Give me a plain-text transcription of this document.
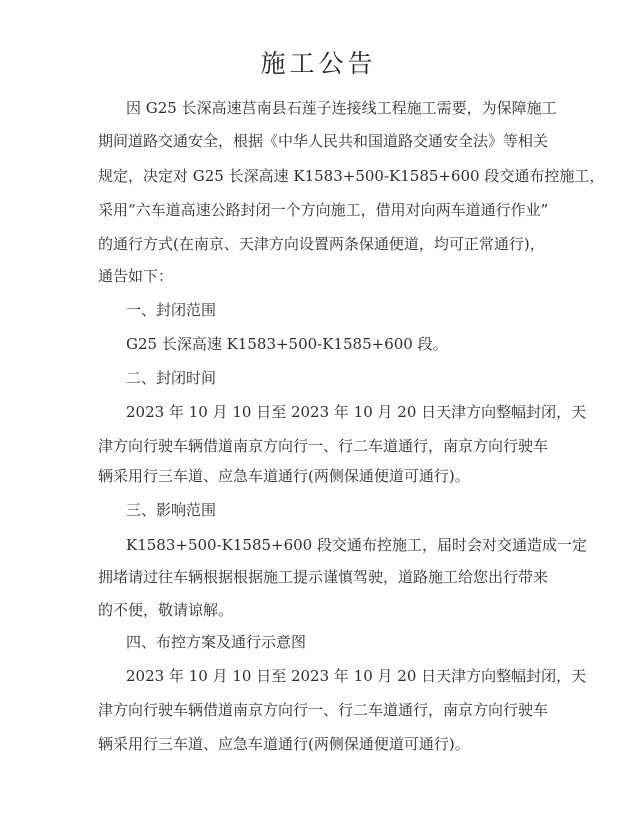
施工公告
因 G25 长深高速莒南县石莲子连接线工程施工需要，为保障施工
期间道路交通安全，根据《中华人民共和国道路交通安全法》等相关
规定，决定对 G25 长深高速 K1583+500-K1585+600 段交通布控施工，
采用“六车道高速公路封闭一个方向施工，借用对向两车道通行作业”
的通行方式(在南京、天津方向设置两条保通便道，均可正常通行)，
通告如下：
一、封闭范围
G25 长深高速 K1583+500-K1585+600 段。
二、封闭时间
2023 年 10 月 10 日至 2023 年 10 月 20 日天津方向整幅封闭，天
津方向行驶车辆借道南京方向行一、行二车道通行，南京方向行驶车
辆采用行三车道、应急车道通行(两侧保通便道可通行)。
三、影响范围
K1583+500-K1585+600 段交通布控施工，届时会对交通造成一定
拥堵请过往车辆根据根据施工提示谨慎驾驶，道路施工给您出行带来
的不便，敬请谅解。
四、布控方案及通行示意图
2023 年 10 月 10 日至 2023 年 10 月 20 日天津方向整幅封闭，天
津方向行驶车辆借道南京方向行一、行二车道通行，南京方向行驶车
辆采用行三车道、应急车道通行(两侧保通便道可通行)。
